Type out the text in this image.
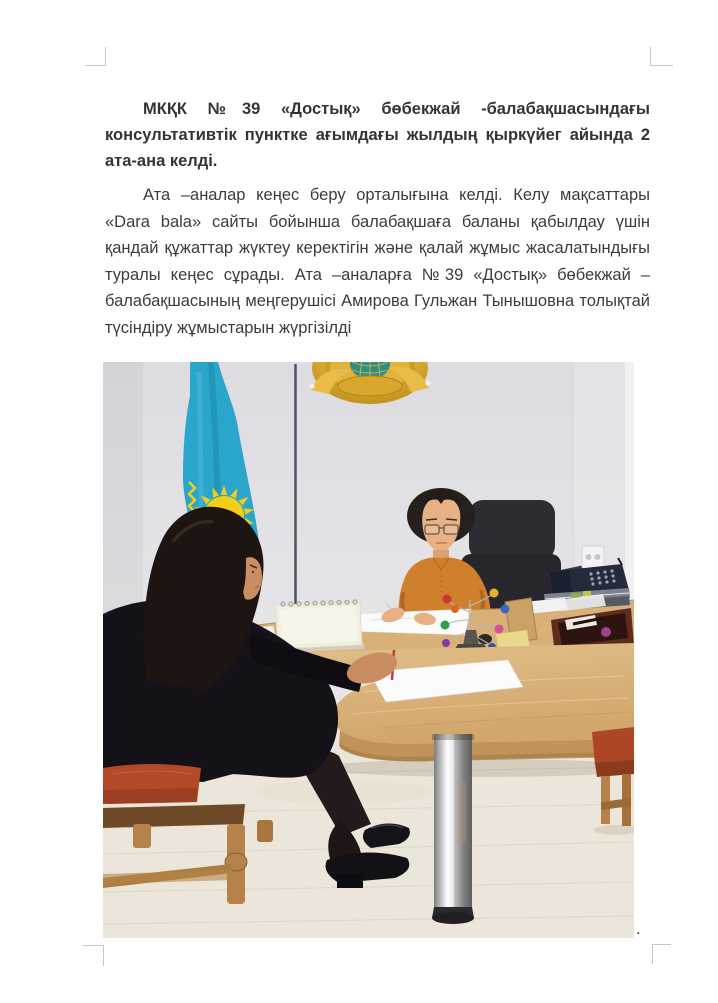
МКҚК №39 «Достық» бөбекжай -балабақшасындағы консультативтік пунктке ағымдағы жылдың қыркүйег айында 2 ата-ана келді.

Ата –аналар кеңес беру орталығына келді. Келу мақсаттары «Dara bala» сайты бойынша балабақшаға баланы қабылдау үшін қандай құжаттар жүктеу керектігін және қалай жұмыс жасалатындығы туралы кеңес сұрады. Ата –аналарға №39 «Достық» бөбекжай –балабақшасының меңгерушісі Амирова Гульжан Тынышовна толықтай түсіндіру жұмыстарын жүргізілді

.
